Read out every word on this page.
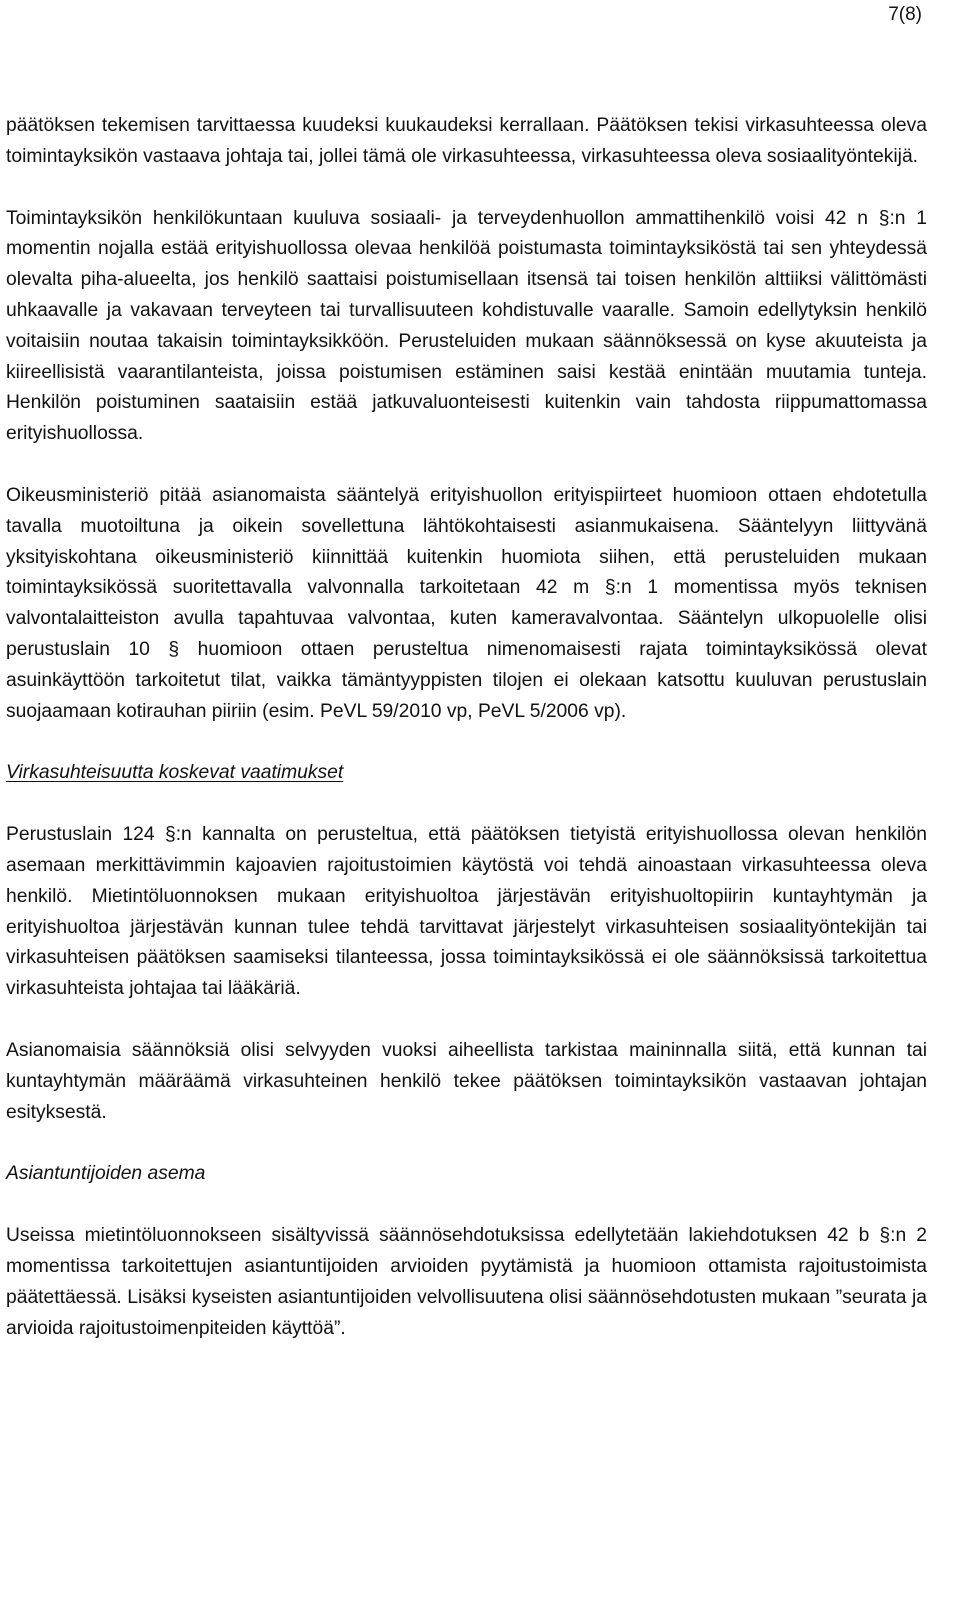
7(8)

päätöksen tekemisen tarvittaessa kuudeksi kuukaudeksi kerrallaan. Päätöksen tekisi virkasuhteessa oleva toimintayksikön vastaava johtaja tai, jollei tämä ole virkasuhteessa, virkasuhteessa oleva sosiaalityöntekijä.

Toimintayksikön henkilökuntaan kuuluva sosiaali- ja terveydenhuollon ammattihenkilö voisi 42 n §:n 1 momentin nojalla estää erityishuollossa olevaa henkilöä poistumasta toimintayksiköstä tai sen yhteydessä olevalta piha-alueelta, jos henkilö saattaisi poistumisellaan itsensä tai toisen henkilön alttiiksi välittömästi uhkaavalle ja vakavaan terveyteen tai turvallisuuteen kohdistuvalle vaaralle. Samoin edellytyksin henkilö voitaisiin noutaa takaisin toimintayksikköön. Perusteluiden mukaan säännöksessä on kyse akuuteista ja kiireellisistä vaarantilanteista, joissa poistumisen estäminen saisi kestää enintään muutamia tunteja. Henkilön poistuminen saataisiin estää jatkuvaluonteisesti kuitenkin vain tahdosta riippumattomassa erityishuollossa.

Oikeusministeriö pitää asianomaista sääntelyä erityishuollon erityispiirteet huomioon ottaen ehdotetulla tavalla muotoiltuna ja oikein sovellettuna lähtökohtaisesti asianmukaisena. Sääntelyyn liittyvänä yksityiskohtana oikeusministeriö kiinnittää kuitenkin huomiota siihen, että perusteluiden mukaan toimintayksikössä suoritettavalla valvonnalla tarkoitetaan 42 m §:n 1 momentissa myös teknisen valvontalaitteiston avulla tapahtuvaa valvontaa, kuten kameravalvontaa. Sääntelyn ulkopuolelle olisi perustuslain 10 § huomioon ottaen perusteltua nimenomaisesti rajata toimintayksikössä olevat asuinkäyttöön tarkoitetut tilat, vaikka tämäntyyppisten tilojen ei olekaan katsottu kuuluvan perustuslain suojaamaan kotirauhan piiriin (esim. PeVL 59/2010 vp, PeVL 5/2006 vp).

Virkasuhteisuutta koskevat vaatimukset

Perustuslain 124 §:n kannalta on perusteltua, että päätöksen tietyistä erityishuollossa olevan henkilön asemaan merkittävimmin kajoavien rajoitustoimien käytöstä voi tehdä ainoastaan virkasuhteessa oleva henkilö. Mietintöluonnoksen mukaan erityishuoltoa järjestävän erityishuoltopiirin kuntayhtymän ja erityishuoltoa järjestävän kunnan tulee tehdä tarvittavat järjestelyt virkasuhteisen sosiaalityöntekijän tai virkasuhteisen päätöksen saamiseksi tilanteessa, jossa toimintayksikössä ei ole säännöksissä tarkoitettua virkasuhteista johtajaa tai lääkäriä.

Asianomaisia säännöksiä olisi selvyyden vuoksi aiheellista tarkistaa maininnalla siitä, että kunnan tai kuntayhtymän määräämä virkasuhteinen henkilö tekee päätöksen toimintayksikön vastaavan johtajan esityksestä.

Asiantuntijoiden asema

Useissa mietintöluonnokseen sisältyvissä säännösehdotuksissa edellytetään lakiehdotuksen 42 b §:n 2 momentissa tarkoitettujen asiantuntijoiden arvioiden pyytämistä ja huomioon ottamista rajoitustoimista päätettäessä. Lisäksi kyseisten asiantuntijoiden velvollisuutena olisi säännösehdotusten mukaan ”seurata ja arvioida rajoitustoimenpiteiden käyttöä”.
